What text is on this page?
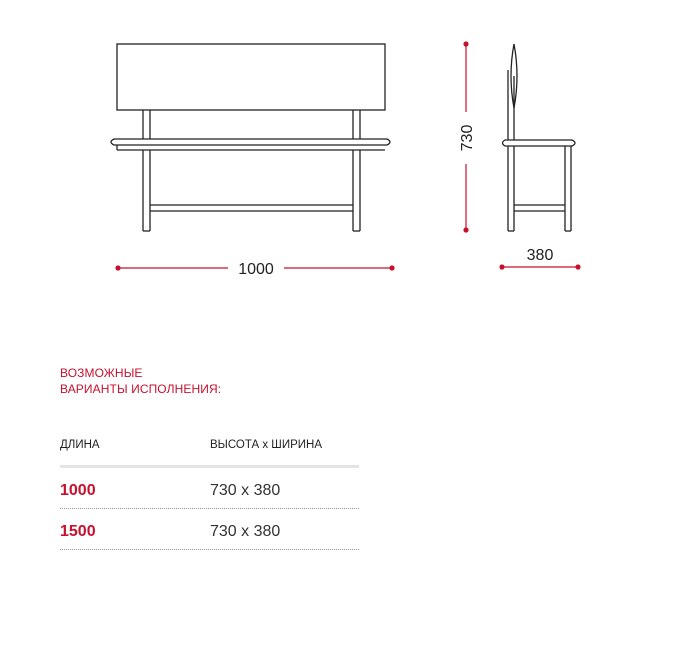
1000
730
380
ВОЗМОЖНЫЕ
ВАРИАНТЫ ИСПОЛНЕНИЯ:
ДЛИНА	ВЫСОТА х ШИРИНА
1000	730 х 380
1500	730 х 380
